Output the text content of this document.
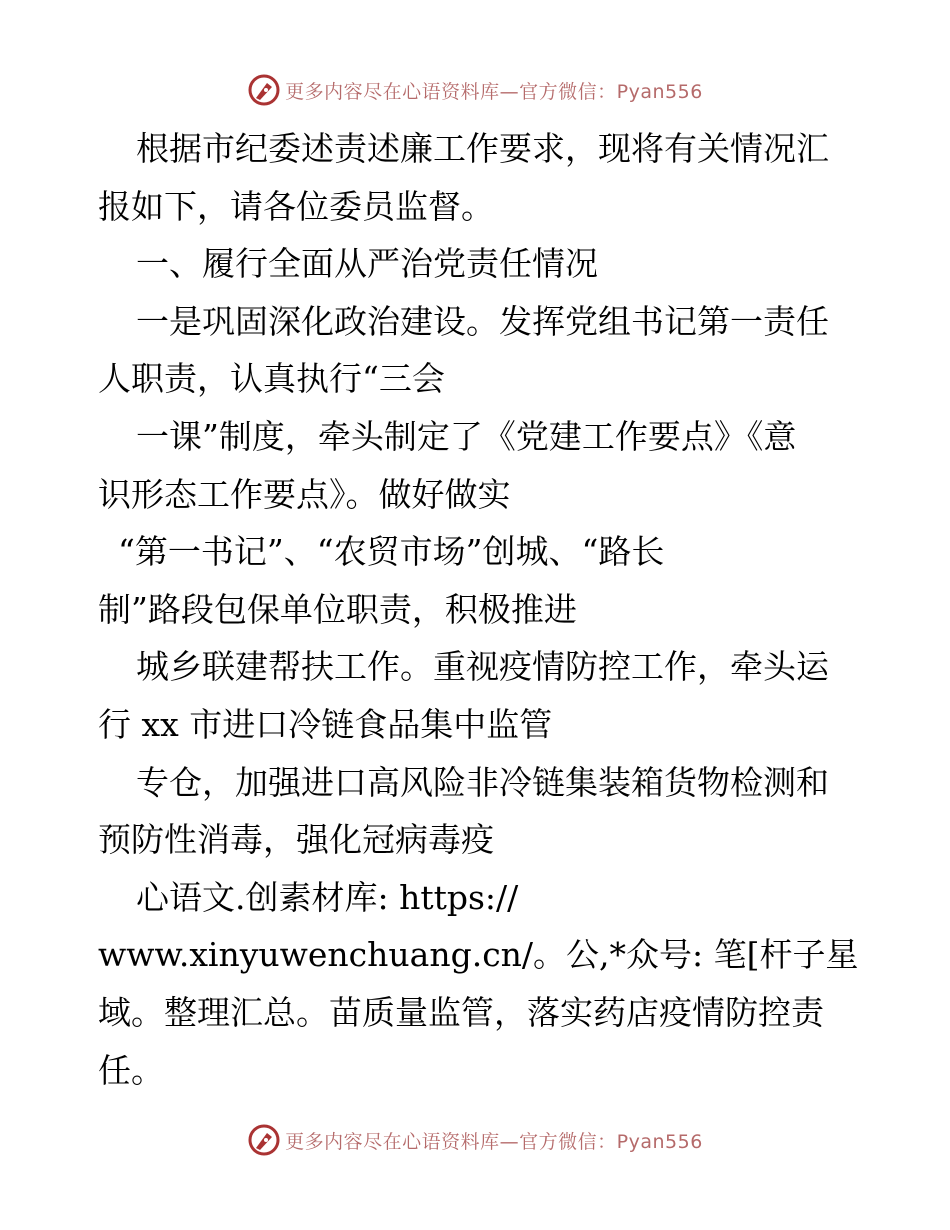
更多内容尽在心语资料库—官方微信：Pyan556
根据市纪委述责述廉工作要求，现将有关情况汇
报如下，请各位委员监督。
一、履行全面从严治党责任情况
一是巩固深化政治建设。发挥党组书记第一责任
人职责，认真执行“三会
一课”制度，牵头制定了《党建工作要点》《意
识形态工作要点》。做好做实
“第一书记”、“农贸市场”创城、“路长
制”路段包保单位职责，积极推进
城乡联建帮扶工作。重视疫情防控工作，牵头运
行 xx 市进口冷链食品集中监管
专仓，加强进口高风险非冷链集装箱货物检测和
预防性消毒，强化冠病毒疫
心语文.创素材库: https://
www.xinyuwenchuang.cn/。公,*众号: 笔[杆子星
域。整理汇总。苗质量监管，落实药店疫情防控责
任。
更多内容尽在心语资料库—官方微信：Pyan556
